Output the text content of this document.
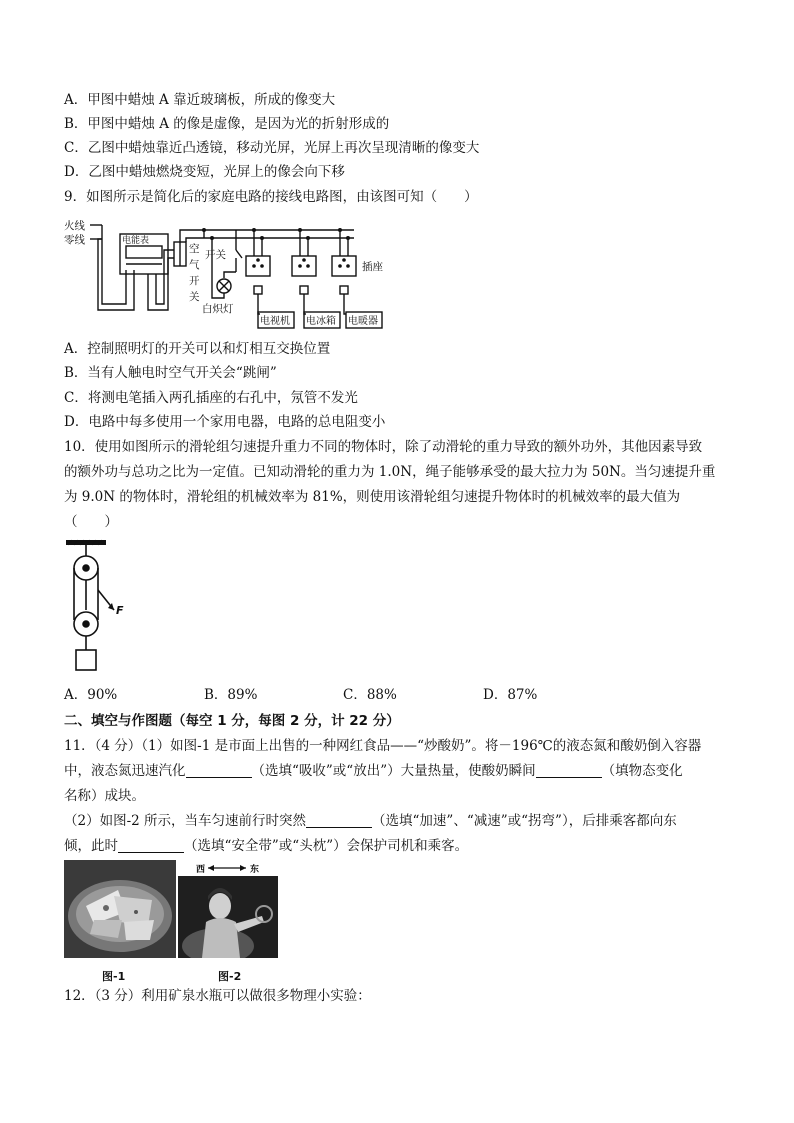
A．甲图中蜡烛 A 靠近玻璃板，所成的像变大
B．甲图中蜡烛 A 的像是虚像，是因为光的折射形成的
C．乙图中蜡烛靠近凸透镜，移动光屏，光屏上再次呈现清晰的像变大
D．乙图中蜡烛燃烧变短，光屏上的像会向下移
9．如图所示是简化后的家庭电路的接线电路图，由该图可知（　　）
火线
零线	电能表
空
气
开
关
开关
白炽灯
插座
电视机 电冰箱 电暖器
A．控制照明灯的开关可以和灯相互交换位置
B．当有人触电时空气开关会“跳闸”
C．将测电笔插入两孔插座的右孔中，氖管不发光
D．电路中每多使用一个家用电器，电路的总电阻变小
10．使用如图所示的滑轮组匀速提升重力不同的物体时，除了动滑轮的重力导致的额外功外，其他因素导致
的额外功与总功之比为一定值。已知动滑轮的重力为 1.0N，绳子能够承受的最大拉力为 50N。当匀速提升重
为 9.0N 的物体时，滑轮组的机械效率为 81%，则使用该滑轮组匀速提升物体时的机械效率的最大值为
（　　）
F
A．90%	B．89%	C．88%	D．87%
二、填空与作图题（每空 1 分，每图 2 分，计 22 分）
11．（4 分）（1）如图-1 是市面上出售的一种网红食品——“炒酸奶”。将－196℃的液态氮和酸奶倒入容器
中，液态氮迅速汽化	（选填“吸收”或“放出”）大量热量，使酸奶瞬间	（填物态变化
名称）成块。
（2）如图-2 所示，当车匀速前行时突然	（选填“加速”、“减速”或“拐弯”），后排乘客都向东
倾，此时	（选填“安全带”或“头枕”）会保护司机和乘客。
西	东
图-1	图-2
12．（3 分）利用矿泉水瓶可以做很多物理小实验：
